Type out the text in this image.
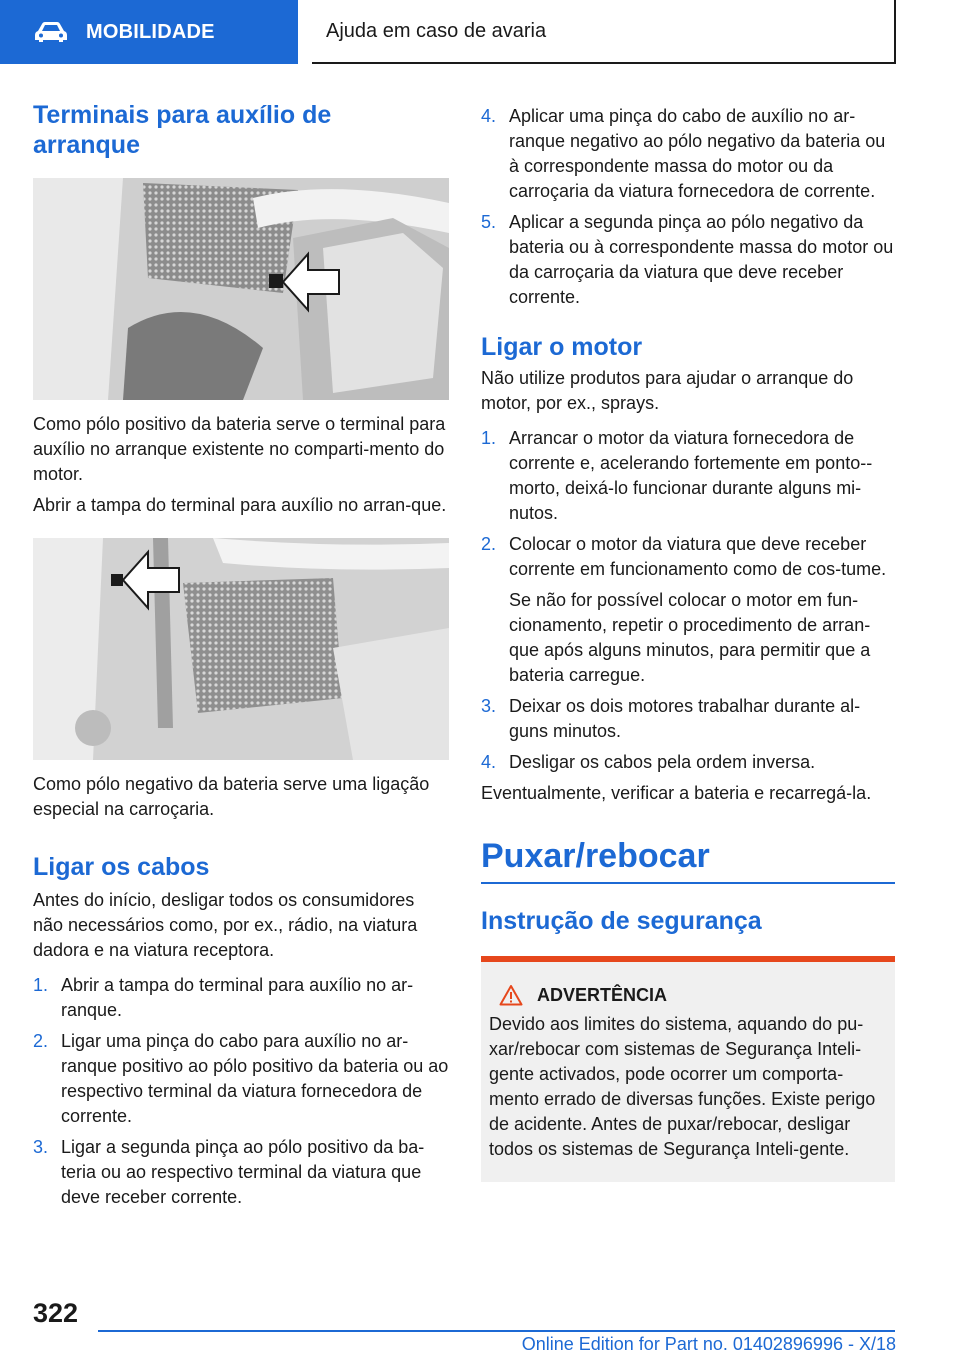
MOBILIDADE	Ajuda em caso de avaria
Terminais para auxílio de arranque

Como pólo positivo da bateria serve o terminal para auxílio no arranque existente no comparti‐mento do motor.

Abrir a tampa do terminal para auxílio no arran‐que.

Como pólo negativo da bateria serve uma ligação especial na carroçaria.

Ligar os cabos

Antes do início, desligar todos os consumidores não necessários como, por ex., rádio, na viatura dadora e na viatura receptora.

1. Abrir a tampa do terminal para auxílio no ar‐ranque.
2. Ligar uma pinça do cabo para auxílio no ar‐ranque positivo ao pólo positivo da bateria ou ao respectivo terminal da viatura fornecedora de corrente.
3. Ligar a segunda pinça ao pólo positivo da ba‐teria ou ao respectivo terminal da viatura que deve receber corrente.
4. Aplicar uma pinça do cabo de auxílio no ar‐ranque negativo ao pólo negativo da bateria ou à correspondente massa do motor ou da carroçaria da viatura fornecedora de corrente.
5. Aplicar a segunda pinça ao pólo negativo da bateria ou à correspondente massa do motor ou da carroçaria da viatura que deve receber corrente.
Ligar o motor

Não utilize produtos para ajudar o arranque do motor, por ex., sprays.

1. Arrancar o motor da viatura fornecedora de corrente e, acelerando fortemente em ponto‐-morto, deixá-lo funcionar durante alguns mi‐nutos.
2. Colocar o motor da viatura que deve receber corrente em funcionamento como de cos‐tume.

Se não for possível colocar o motor em fun‐cionamento, repetir o procedimento de arran‐que após alguns minutos, para permitir que a bateria carregue.

3. Deixar os dois motores trabalhar durante al‐guns minutos.
4. Desligar os cabos pela ordem inversa.

Eventualmente, verificar a bateria e recarregá-la.

Puxar/rebocar
Instrução de segurança
ADVERTÊNCIA

Devido aos limites do sistema, aquando do pu‐xar/rebocar com sistemas de Segurança Inteli‐gente activados, pode ocorrer um comporta‐mento errado de diversas funções. Existe perigo de acidente. Antes de puxar/rebocar, desligar todos os sistemas de Segurança Inteli‐gente.

322
Online Edition for Part no. 01402896996 - X/18
